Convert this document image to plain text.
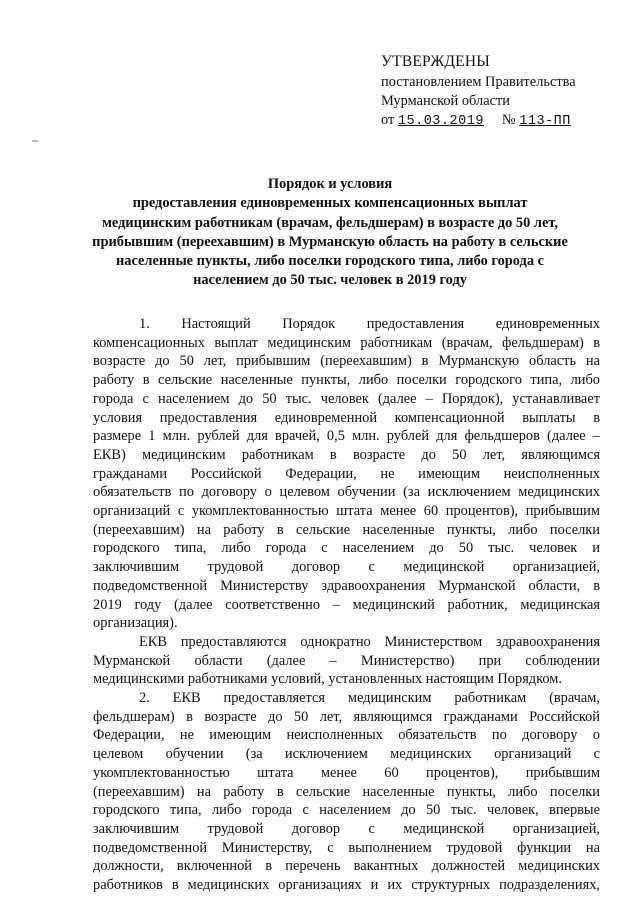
УТВЕРЖДЕНЫ
постановлением Правительства
Мурманской области
от 15.03.2019 № 113-ПП
Порядок и условия
предоставления единовременных компенсационных выплат
медицинским работникам (врачам, фельдшерам) в возрасте до 50 лет,
прибывшим (переехавшим) в Мурманскую область на работу в сельские
населенные пункты, либо поселки городского типа, либо города с
населением до 50 тыс. человек в 2019 году
1. Настоящий Порядок предоставления единовременных
компенсационных выплат медицинским работникам (врачам, фельдшерам) в
возрасте до 50 лет, прибывшим (переехавшим) в Мурманскую область на
работу в сельские населенные пункты, либо поселки городского типа, либо
города с населением до 50 тыс. человек (далее – Порядок), устанавливает
условия предоставления единовременной компенсационной выплаты в
размере 1 млн. рублей для врачей, 0,5 млн. рублей для фельдшеров (далее –
ЕКВ) медицинским работникам в возрасте до 50 лет, являющимся
гражданами Российской Федерации, не имеющим неисполненных
обязательств по договору о целевом обучении (за исключением медицинских
организаций с укомплектованностью штата менее 60 процентов), прибывшим
(переехавшим) на работу в сельские населенные пункты, либо поселки
городского типа, либо города с населением до 50 тыс. человек и
заключившим трудовой договор с медицинской организацией,
подведомственной Министерству здравоохранения Мурманской области, в
2019 году (далее соответственно – медицинский работник, медицинская
организация).
ЕКВ предоставляются однократно Министерством здравоохранения
Мурманской области (далее – Министерство) при соблюдении
медицинскими работниками условий, установленных настоящим Порядком.
2. ЕКВ предоставляется медицинским работникам (врачам,
фельдшерам) в возрасте до 50 лет, являющимся гражданами Российской
Федерации, не имеющим неисполненных обязательств по договору о
целевом обучении (за исключением медицинских организаций с
укомплектованностью штата менее 60 процентов), прибывшим
(переехавшим) на работу в сельские населенные пункты, либо поселки
городского типа, либо города с населением до 50 тыс. человек, впервые
заключившим трудовой договор с медицинской организацией,
подведомственной Министерству, с выполнением трудовой функции на
должности, включенной в перечень вакантных должностей медицинских
работников в медицинских организациях и их структурных подразделениях,
